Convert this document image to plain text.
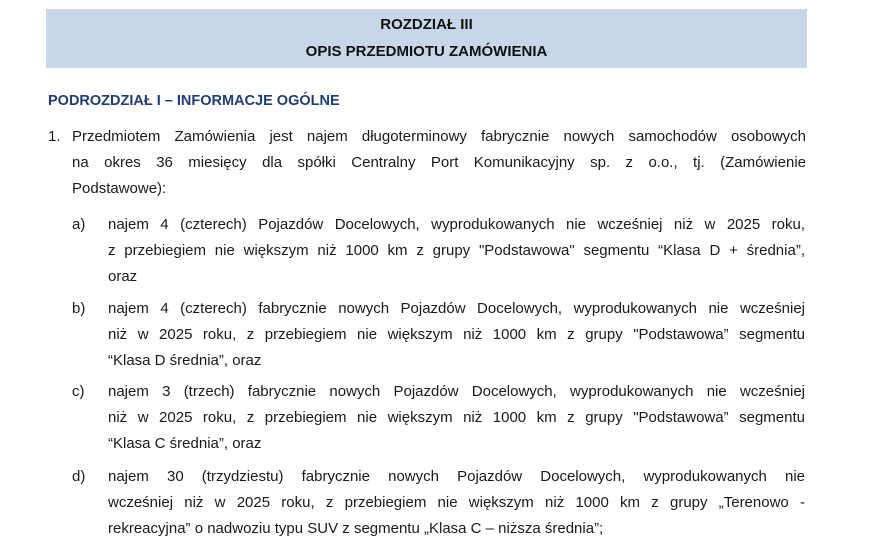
ROZDZIAŁ III
OPIS PRZEDMIOTU ZAMÓWIENIA
PODROZDZIAŁ I – INFORMACJE OGÓLNE
1. Przedmiotem Zamówienia jest najem długoterminowy fabrycznie nowych samochodów osobowych
na okres 36 miesięcy dla spółki Centralny Port Komunikacyjny sp. z o.o., tj. (Zamówienie
Podstawowe):
a) najem 4 (czterech) Pojazdów Docelowych, wyprodukowanych nie wcześniej niż w 2025 roku,
z przebiegiem nie większym niż 1000 km z grupy "Podstawowa" segmentu “Klasa D + średnia”,
oraz
b) najem 4 (czterech) fabrycznie nowych Pojazdów Docelowych, wyprodukowanych nie wcześniej
niż w 2025 roku, z przebiegiem nie większym niż 1000 km z grupy "Podstawowa” segmentu
“Klasa D średnia”, oraz
c) najem 3 (trzech) fabrycznie nowych Pojazdów Docelowych, wyprodukowanych nie wcześniej
niż w 2025 roku, z przebiegiem nie większym niż 1000 km z grupy "Podstawowa” segmentu
“Klasa C średnia”, oraz
d) najem 30 (trzydziestu) fabrycznie nowych Pojazdów Docelowych, wyprodukowanych nie
wcześniej niż w 2025 roku, z przebiegiem nie większym niż 1000 km z grupy „Terenowo -
rekreacyjna” o nadwoziu typu SUV z segmentu „Klasa C – niższa średnia”;
